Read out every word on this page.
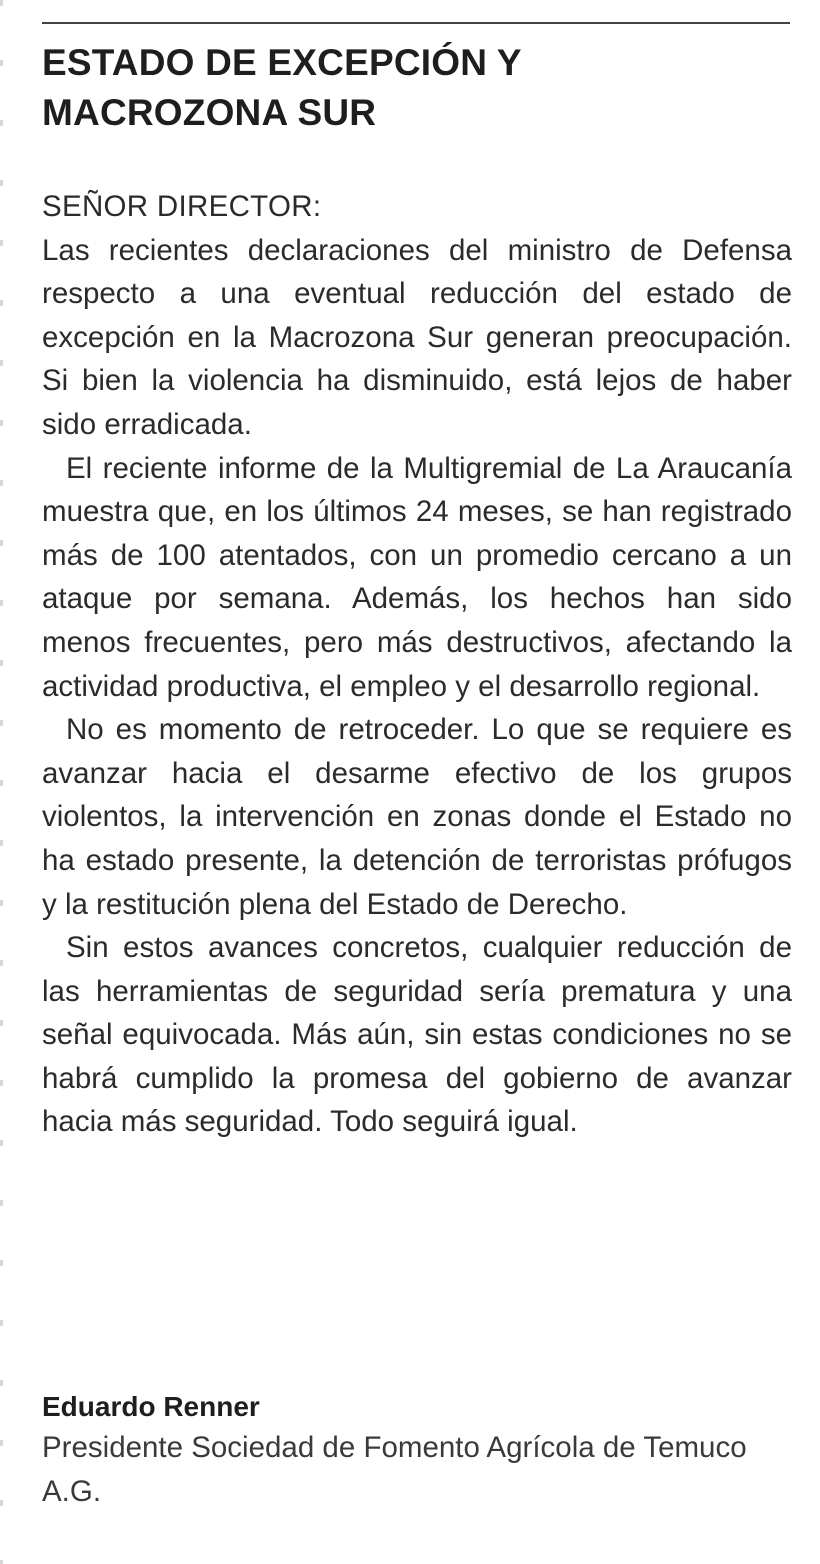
ESTADO DE EXCEPCIÓN Y
MACROZONA SUR
SEÑOR DIRECTOR:

Las recientes declaraciones del ministro de Defensa respecto a una eventual reducción del estado de excepción en la Macrozona Sur generan preocupación. Si bien la violencia ha disminuido, está lejos de haber sido erradicada.

El reciente informe de la Multigremial de La Araucanía muestra que, en los últimos 24 meses, se han registrado más de 100 atentados, con un promedio cercano a un ataque por semana. Además, los hechos han sido menos frecuentes, pero más destructivos, afectando la actividad productiva, el empleo y el desarrollo regional.

No es momento de retroceder. Lo que se requiere es avanzar hacia el desarme efectivo de los grupos violentos, la intervención en zonas donde el Estado no ha estado presente, la detención de terroristas prófugos y la restitución plena del Estado de Derecho.

Sin estos avances concretos, cualquier reducción de las herramientas de seguridad sería prematura y una señal equivocada. Más aún, sin estas condiciones no se habrá cumplido la promesa del gobierno de avanzar hacia más seguridad. Todo seguirá igual.

Eduardo Renner
Presidente Sociedad de Fomento Agrícola de Temuco A.G.
